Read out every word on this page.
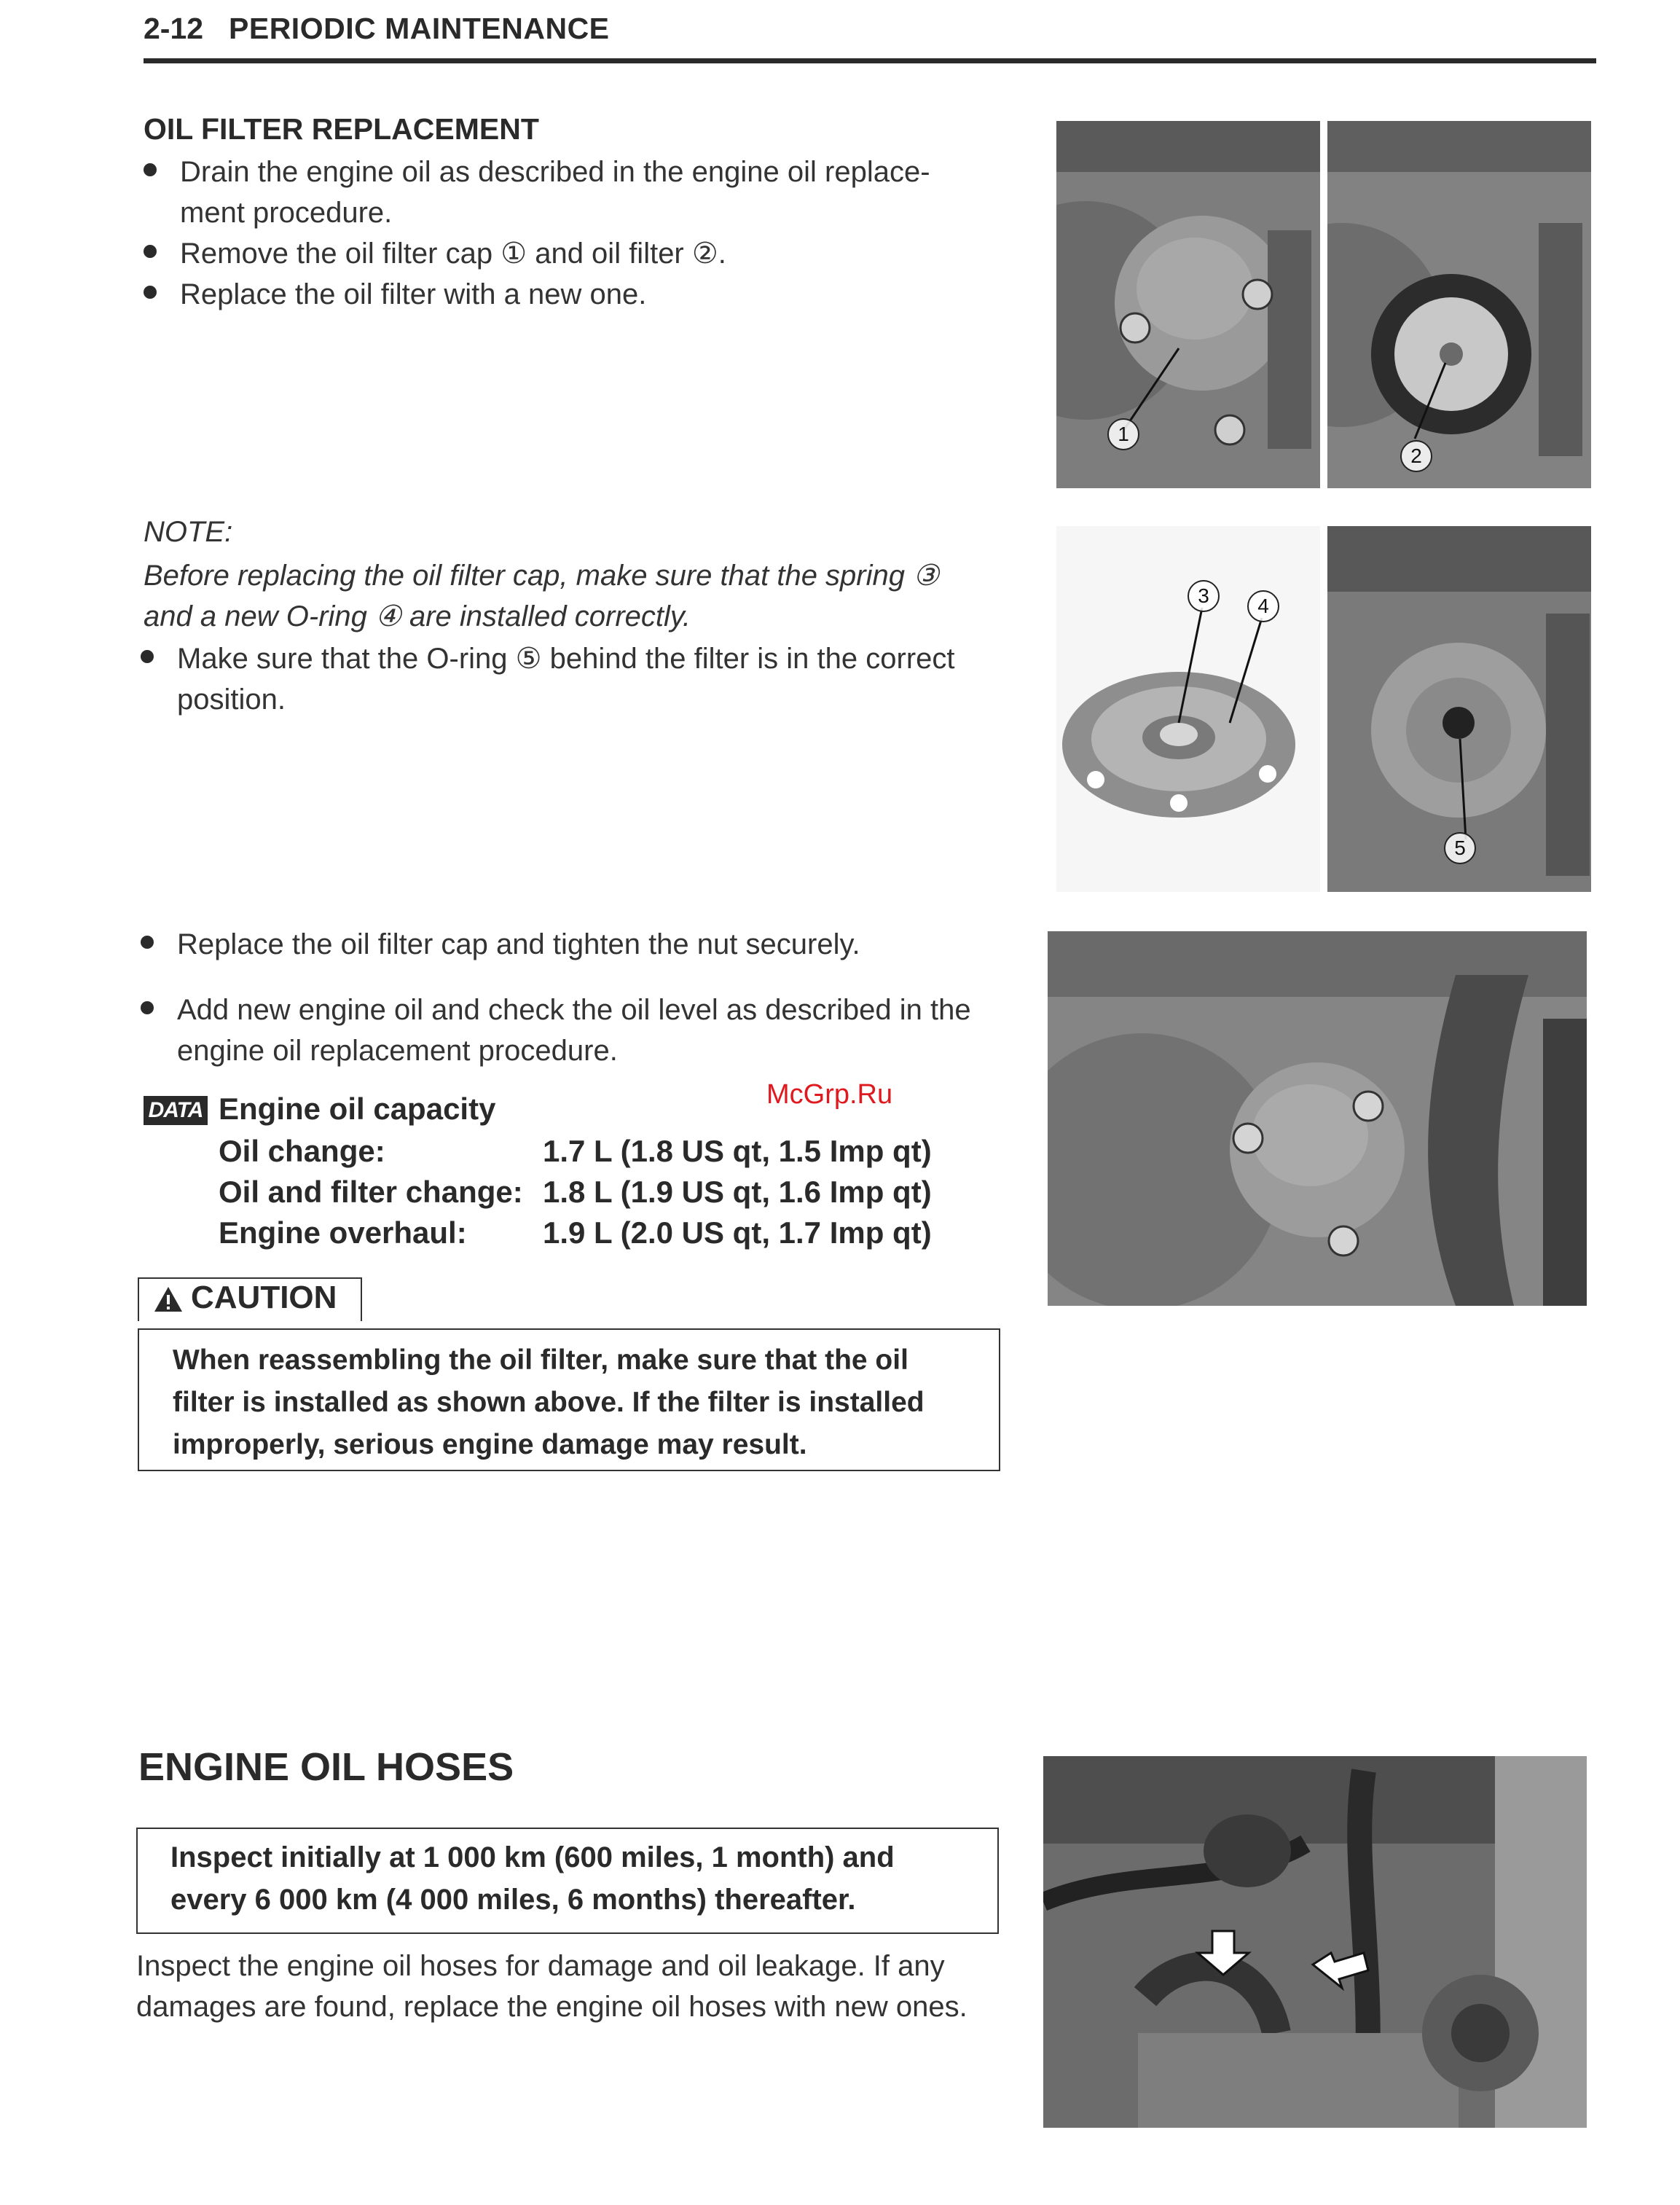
2-12 PERIODIC MAINTENANCE
OIL FILTER REPLACEMENT
Drain the engine oil as described in the engine oil replace-
ment procedure.
Remove the oil filter cap ① and oil filter ②.
Replace the oil filter with a new one.
NOTE:
Before replacing the oil filter cap, make sure that the spring ③
and a new O-ring ④ are installed correctly.
Make sure that the O-ring ⑤ behind the filter is in the correct
position.
Replace the oil filter cap and tighten the nut securely.
Add new engine oil and check the oil level as described in the
engine oil replacement procedure.
DATA Engine oil capacity
Oil change:	1.7 L (1.8 US qt, 1.5 Imp qt)
Oil and filter change: 1.8 L (1.9 US qt, 1.6 Imp qt)
Engine overhaul: 1.9 L (2.0 US qt, 1.7 Imp qt)
McGrp.Ru
CAUTION
When reassembling the oil filter, make sure that the oil
filter is installed as shown above. If the filter is installed
improperly, serious engine damage may result.
ENGINE OIL HOSES
Inspect initially at 1 000 km (600 miles, 1 month) and
every 6 000 km (4 000 miles, 6 months) thereafter.
Inspect the engine oil hoses for damage and oil leakage. If any
damages are found, replace the engine oil hoses with new ones.
1
2
3	4
5
